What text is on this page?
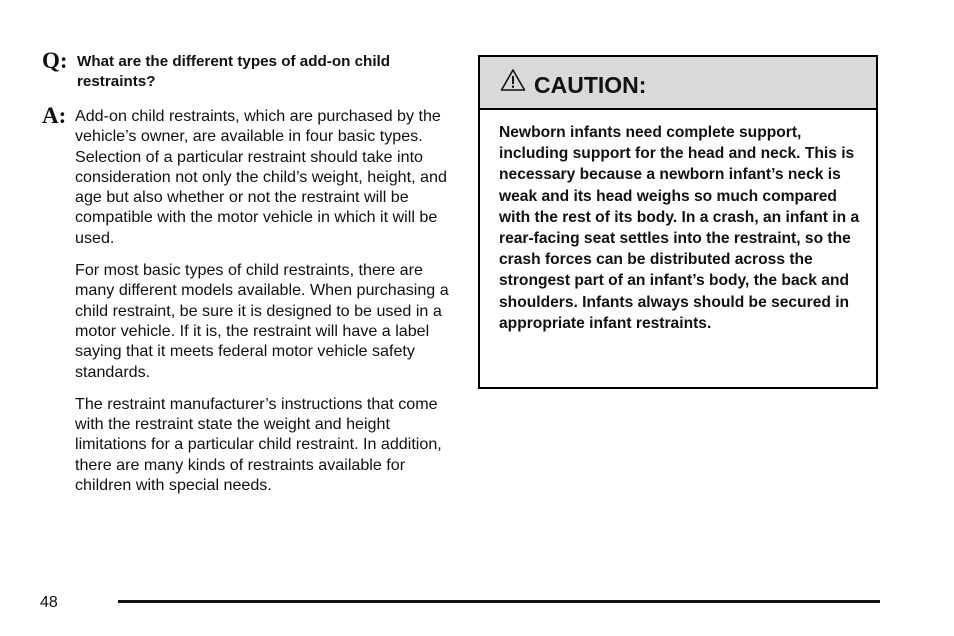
Q: What are the different types of add-on child restraints?
A: Add-on child restraints, which are purchased by the vehicle’s owner, are available in four basic types. Selection of a particular restraint should take into consideration not only the child’s weight, height, and age but also whether or not the restraint will be compatible with the motor vehicle in which it will be used.

For most basic types of child restraints, there are many different models available. When purchasing a child restraint, be sure it is designed to be used in a motor vehicle. If it is, the restraint will have a label saying that it meets federal motor vehicle safety standards.

The restraint manufacturer’s instructions that come with the restraint state the weight and height limitations for a particular child restraint. In addition, there are many kinds of restraints available for children with special needs.

CAUTION:
Newborn infants need complete support, including support for the head and neck. This is necessary because a newborn infant’s neck is weak and its head weighs so much compared with the rest of its body. In a crash, an infant in a rear-facing seat settles into the restraint, so the crash forces can be distributed across the strongest part of an infant’s body, the back and shoulders. Infants always should be secured in appropriate infant restraints.
48
